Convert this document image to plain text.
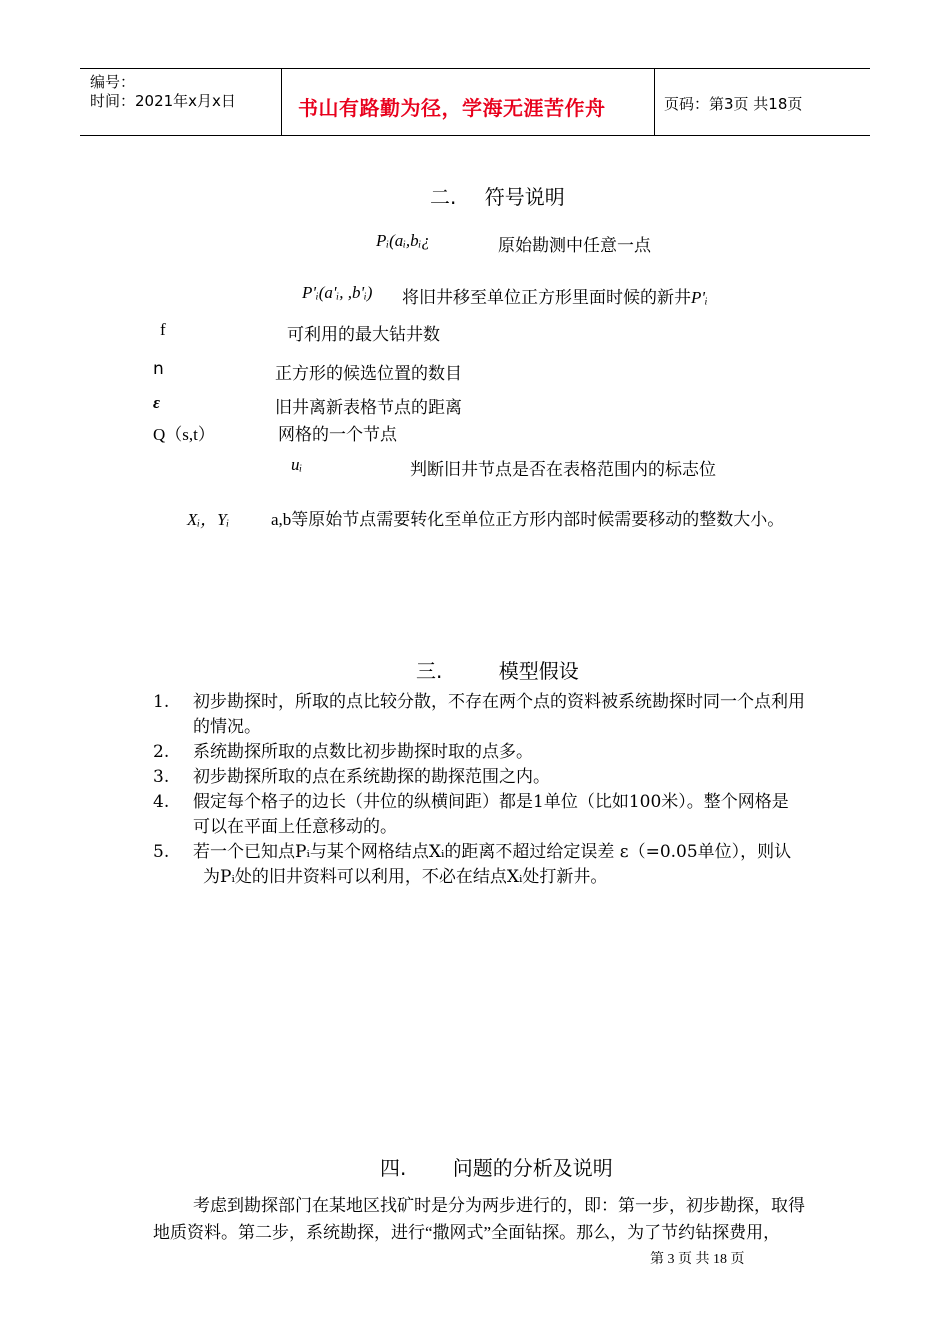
编号：
时间：2021年x月x日	书山有路勤为径，学海无涯苦作舟	页码：第3页 共18页
二. 符号说明
Pᵢ(aᵢ,bᵢ¿	原始勘测中任意一点
P'ᵢ(a'ᵢ, ,b'ᵢ) 将旧井移至单位正方形里面时候的新井P'ᵢ
f	可利用的最大钻井数
n	正方形的候选位置的数目
ε	旧井离新表格节点的距离
Q（s,t）	网格的一个节点
uᵢ	判断旧井节点是否在表格范围内的标志位
Xᵢ，Yᵢ a,b等原始节点需要转化至单位正方形内部时候需要移动的整数大小。
三.	模型假设
1. 初步勘探时，所取的点比较分散，不存在两个点的资料被系统勘探时同一个点利用
的情况。
2. 系统勘探所取的点数比初步勘探时取的点多。
3. 初步勘探所取的点在系统勘探的勘探范围之内。
4. 假定每个格子的边长（井位的纵横间距）都是1单位（比如100米）。整个网格是
可以在平面上任意移动的。
5. 若一个已知点Pᵢ与某个网格结点Xᵢ的距离不超过给定误差 ε（=0.05单位），则认
为Pᵢ处的旧井资料可以利用，不必在结点Xᵢ处打新井。
四. 问题的分析及说明
考虑到勘探部门在某地区找矿时是分为两步进行的，即：第一步，初步勘探，取得
地质资料。第二步，系统勘探，进行“撒网式”全面钻探。那么，为了节约钻探费用，
第 3 页 共 18 页
